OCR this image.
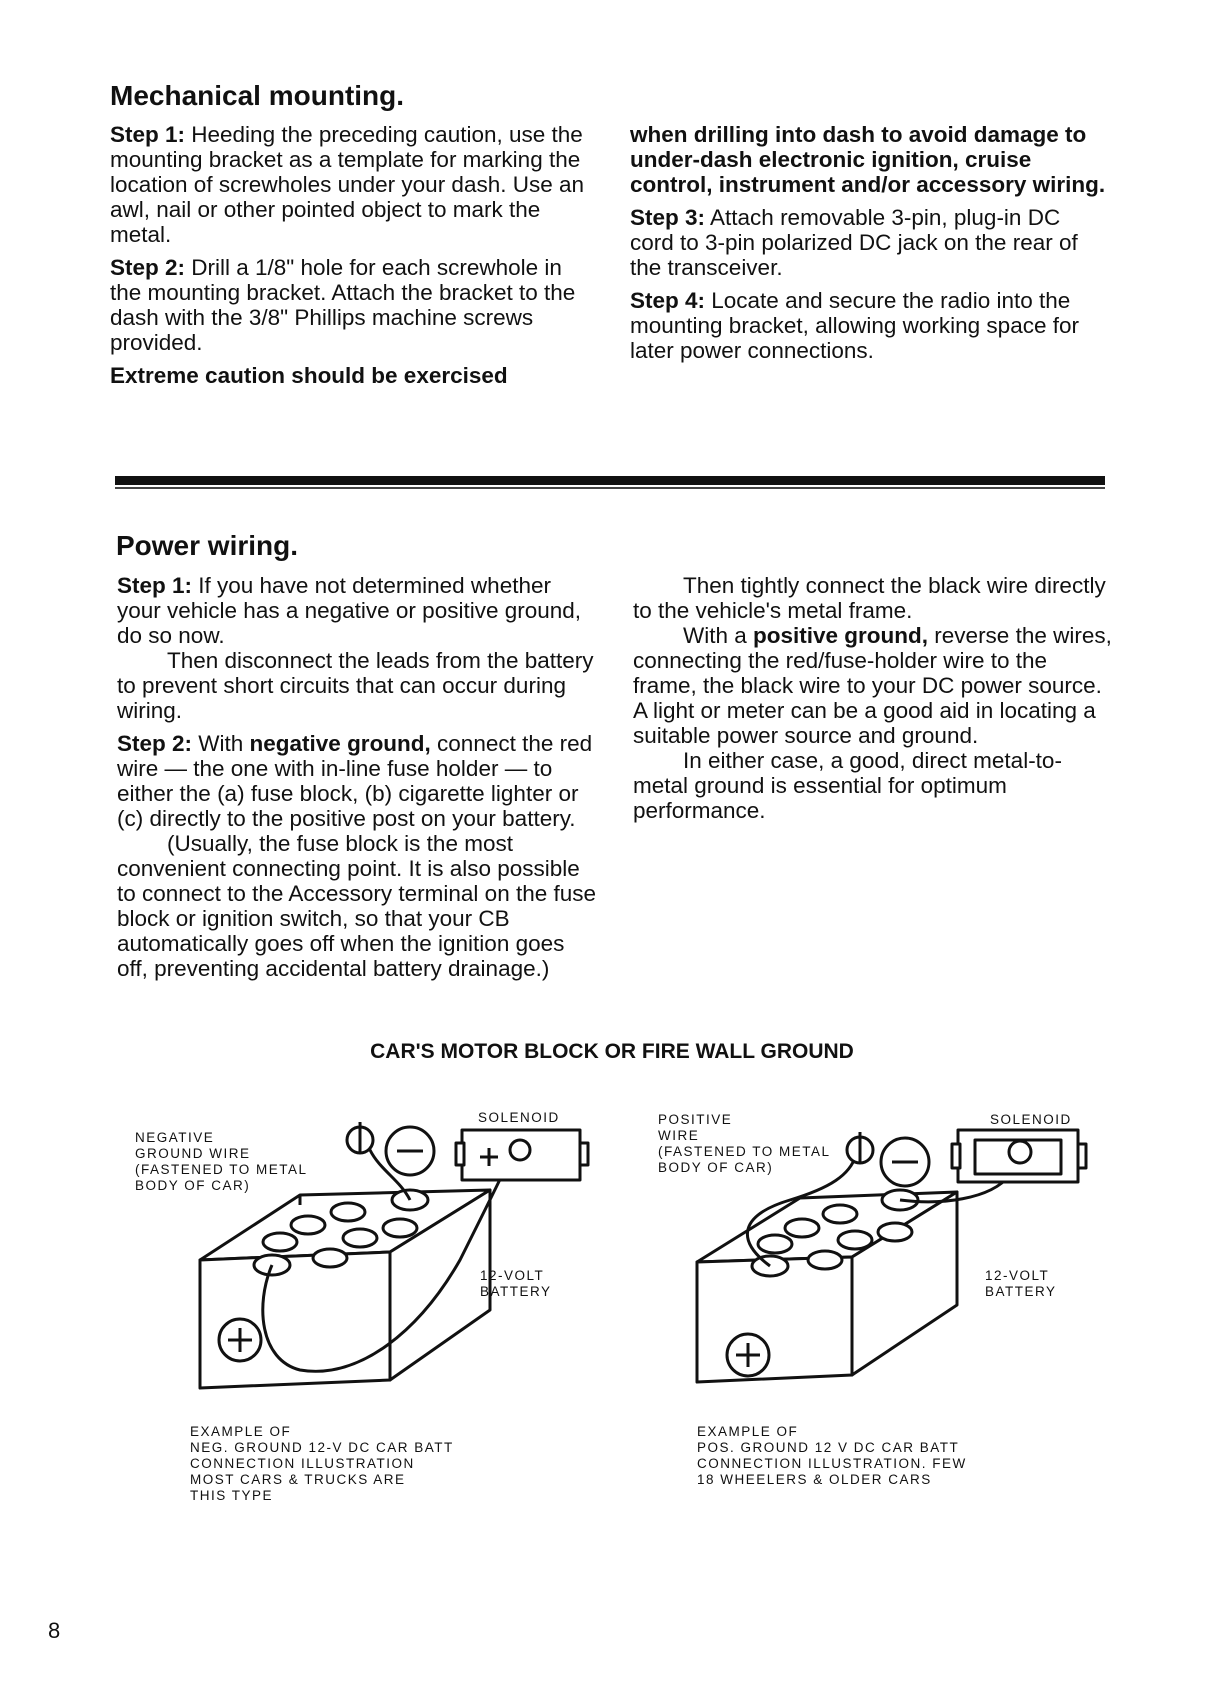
Mechanical mounting.

Step 1: Heeding the preceding caution, use the mounting bracket as a template for marking the location of screwholes under your dash. Use an awl, nail or other pointed object to mark the metal.

Step 2: Drill a 1/8" hole for each screwhole in the mounting bracket. Attach the bracket to the dash with the 3/8" Phillips machine screws provided.

Extreme caution should be exercised

when drilling into dash to avoid damage to under-dash electronic ignition, cruise control, instrument and/or accessory wiring.

Step 3: Attach removable 3-pin, plug-in DC cord to 3-pin polarized DC jack on the rear of the transceiver.

Step 4: Locate and secure the radio into the mounting bracket, allowing working space for later power connections.

Power wiring.

Step 1: If you have not determined whether your vehicle has a negative or positive ground, do so now.

Then disconnect the leads from the battery to prevent short circuits that can occur during wiring.

Step 2: With negative ground, connect the red wire — the one with in-line fuse holder — to either the (a) fuse block, (b) cigarette lighter or (c) directly to the positive post on your battery.

(Usually, the fuse block is the most convenient connecting point. It is also possible to connect to the Accessory terminal on the fuse block or ignition switch, so that your CB automatically goes off when the ignition goes off, preventing accidental battery drainage.)

Then tightly connect the black wire directly to the vehicle's metal frame.

With a positive ground, reverse the wires, connecting the red/fuse-holder wire to the frame, the black wire to your DC power source. A light or meter can be a good aid in locating a suitable power source and ground.

In either case, a good, direct metal-to-metal ground is essential for optimum performance.

CAR'S MOTOR BLOCK OR FIRE WALL GROUND
NEGATIVE
GROUND WIRE
(FASTENED TO METAL
BODY OF CAR)
SOLENOID
12-VOLT
BATTERY
EXAMPLE OF
NEG. GROUND 12-V DC CAR BATT
CONNECTION ILLUSTRATION
MOST CARS & TRUCKS ARE
THIS TYPE
POSITIVE
WIRE
(FASTENED TO METAL
BODY OF CAR)
SOLENOID
12-VOLT
BATTERY
EXAMPLE OF
POS. GROUND 12 V DC CAR BATT
CONNECTION ILLUSTRATION. FEW
18 WHEELERS & OLDER CARS
8
